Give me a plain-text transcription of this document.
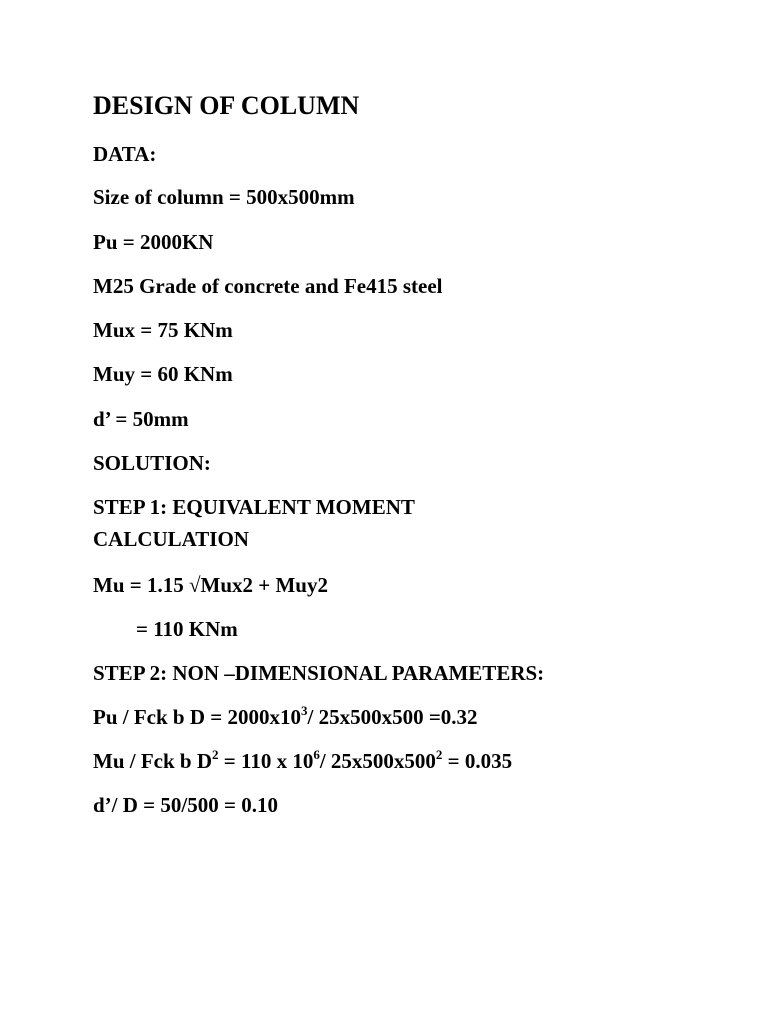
DESIGN OF COLUMN
DATA:
Size of column = 500x500mm
Pu = 2000KN
M25 Grade of concrete and Fe415 steel
Mux = 75 KNm
Muy = 60 KNm
d’ = 50mm
SOLUTION:
STEP 1: EQUIVALENT MOMENT
CALCULATION
Mu = 1.15 √Mux2 + Muy2
= 110 KNm
STEP 2: NON –DIMENSIONAL PARAMETERS:
Pu / Fck b $D = 2000x10^3/$ 25x500x500 =0.32
Mu / Fck b $D^2 = 110$ x $10^6/$ $25x500x500^2 = 0.035$
d’/ D = 50/500 = 0.10
